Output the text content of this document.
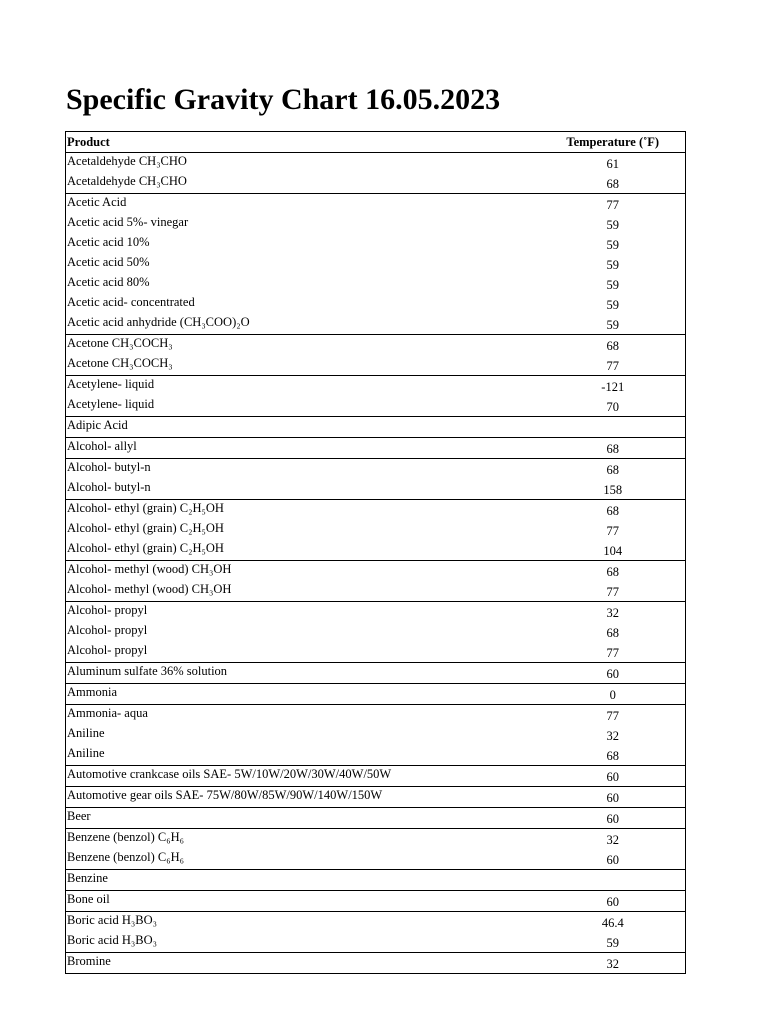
Specific Gravity Chart 16.05.2023
Product	Temperature (˚F)
Acetaldehyde CH₃CHO	61
Acetaldehyde CH₃CHO	68
Acetic Acid	77
Acetic acid 5%- vinegar	59
Acetic acid 10%	59
Acetic acid 50%	59
Acetic acid 80%	59
Acetic acid- concentrated	59
Acetic acid anhydride (CH₃COO)₂O	59
Acetone CH₃COCH₃	68
Acetone CH₃COCH₃	77
Acetylene- liquid	-121
Acetylene- liquid	70
Adipic Acid	
Alcohol- allyl	68
Alcohol- butyl-n	68
Alcohol- butyl-n	158
Alcohol- ethyl (grain) C₂H₅OH	68
Alcohol- ethyl (grain) C₂H₅OH	77
Alcohol- ethyl (grain) C₂H₅OH	104
Alcohol- methyl (wood) CH₃OH	68
Alcohol- methyl (wood) CH₃OH	77
Alcohol- propyl	32
Alcohol- propyl	68
Alcohol- propyl	77
Aluminum sulfate 36% solution	60
Ammonia	0
Ammonia- aqua	77
Aniline	32
Aniline	68
Automotive crankcase oils SAE- 5W/10W/20W/30W/40W/50W	60
Automotive gear oils SAE- 75W/80W/85W/90W/140W/150W	60
Beer	60
Benzene (benzol) C₆H₆	32
Benzene (benzol) C₆H₆	60
Benzine	
Bone oil	60
Boric acid H₃BO₃	46.4
Boric acid H₃BO₃	59
Bromine	32
